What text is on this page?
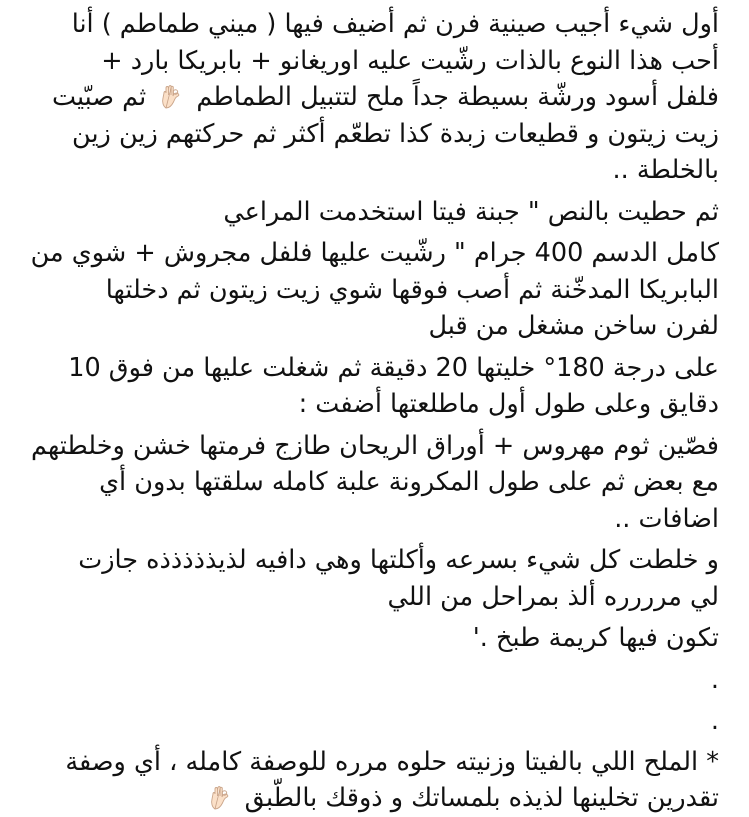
أول شيء أجيب صينية فرن ثم أضيف فيها ( ميني طماطم ) أنا
أحب هذا النوع بالذات رشّيت عليه اوريغانو + بابريكا بارد +
فلفل أسود ورشّة بسيطة جداً ملح لتتبيل الطماطم  ثم صبّيت
زيت زيتون و قطيعات زبدة كذا تطعّم أكثر ثم حركتهم زين زين
بالخلطة ..
ثم حطيت بالنص " جبنة فيتا استخدمت المراعي
كامل الدسم 400 جرام " رشّيت عليها فلفل مجروش + شوي من
البابريكا المدخّنة ثم أصب فوقها شوي زيت زيتون ثم دخلتها
لفرن ساخن مشغل من قبل
على درجة 180° خليتها 20 دقيقة ثم شغلت عليها من فوق 10
دقايق وعلى طول أول ماطلعتها أضفت :
فصّين ثوم مهروس + أوراق الريحان طازج فرمتها خشن وخلطتهم
مع بعض ثم على طول المكرونة علبة كامله سلقتها بدون أي
اضافات ..
و خلطت كل شيء بسرعه وأكلتها وهي دافيه لذيذذذذذه جازت
لي مرررره ألذ بمراحل من اللي
تكون فيها كريمة طبخ .'
.
.
* الملح اللي بالفيتا وزنيته حلوه مرره للوصفة كامله ، أي وصفة
تقدرين تخلينها لذيذه بلمساتك و ذوقك بالطّبق
